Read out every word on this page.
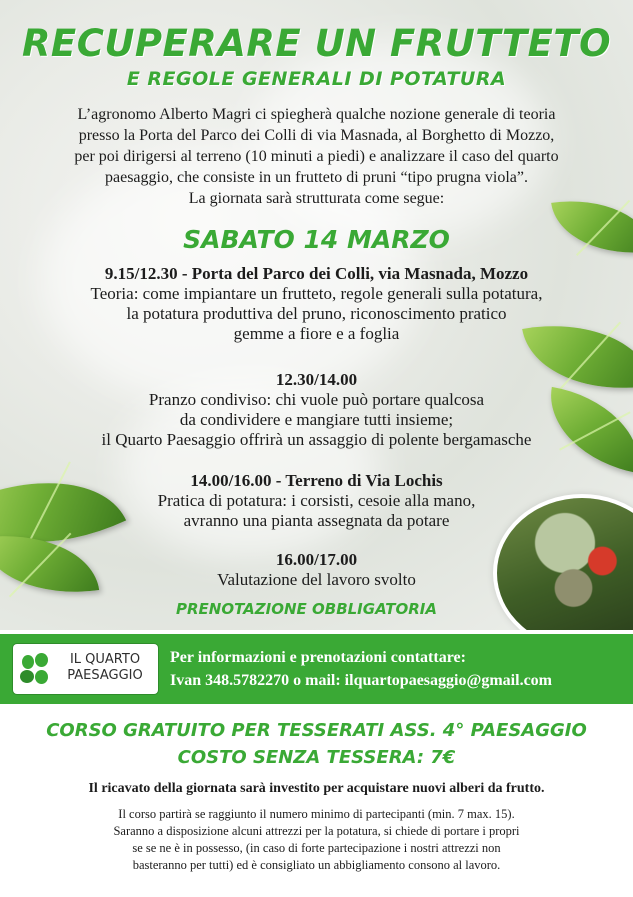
RECUPERARE UN FRUTTETO
E REGOLE GENERALI DI POTATURA

L’agronomo Alberto Magri ci spiegherà qualche nozione generale di teoria
presso la Porta del Parco dei Colli di via Masnada, al Borghetto di Mozzo,
per poi dirigersi al terreno (10 minuti a piedi) e analizzare il caso del quarto
paesaggio, che consiste in un frutteto di pruni “tipo prugna viola”.
La giornata sarà strutturata come segue:

SABATO 14 MARZO
9.15/12.30 - Porta del Parco dei Colli, via Masnada, Mozzo
Teoria: come impiantare un frutteto, regole generali sulla potatura,
la potatura produttiva del pruno, riconoscimento pratico
gemme a fiore e a foglia
12.30/14.00
Pranzo condiviso: chi vuole può portare qualcosa
da condividere e mangiare tutti insieme;
il Quarto Paesaggio offrirà un assaggio di polente bergamasche
14.00/16.00 - Terreno di Via Lochis
Pratica di potatura: i corsisti, cesoie alla mano,
avranno una pianta assegnata da potare
16.00/17.00
Valutazione del lavoro svolto

PRENOTAZIONE OBBLIGATORIA

IL QUARTO
PAESAGGIO
Per informazioni e prenotazioni contattare:
Ivan 348.5782270 o mail: ilquartopaesaggio@gmail.com

CORSO GRATUITO PER TESSERATI ASS. 4° PAESAGGIO

COSTO SENZA TESSERA: 7€

Il ricavato della giornata sarà investito per acquistare nuovi alberi da frutto.

Il corso partirà se raggiunto il numero minimo di partecipanti (min. 7 max. 15).
Saranno a disposizione alcuni attrezzi per la potatura, si chiede di portare i propri
se se ne è in possesso, (in caso di forte partecipazione i nostri attrezzi non
basteranno per tutti) ed è consigliato un abbigliamento consono al lavoro.
